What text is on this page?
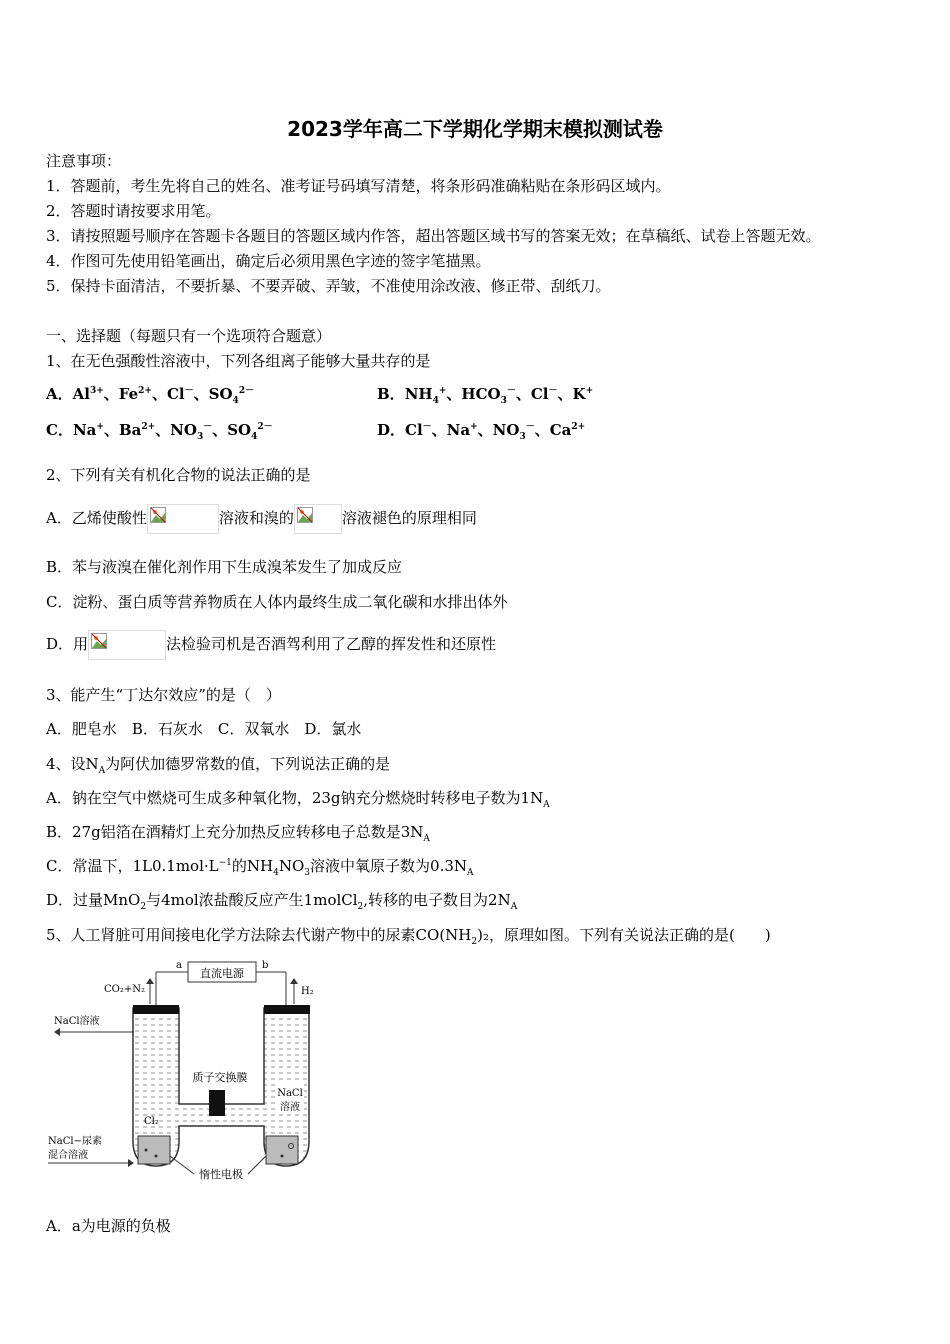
2023学年高二下学期化学期末模拟测试卷
注意事项：
1．答题前，考生先将自己的姓名、准考证号码填写清楚，将条形码准确粘贴在条形码区域内。
2．答题时请按要求用笔。
3．请按照题号顺序在答题卡各题目的答题区域内作答，超出答题区域书写的答案无效；在草稿纸、试卷上答题无效。
4．作图可先使用铅笔画出，确定后必须用黑色字迹的签字笔描黑。
5．保持卡面清洁，不要折暴、不要弄破、弄皱，不准使用涂改液、修正带、刮纸刀。
一、选择题（每题只有一个选项符合题意）
1、在无色强酸性溶液中，下列各组离子能够大量共存的是
A．$Al^{3+}$、$Fe^{2+}$、Cl－、$SO_4^{2-}$	B．$NH_4^+$、$HCO_3^-$、Cl－、K+
C．Na+、$Ba^{2+}$、$NO_3^-$、$SO_4^{2-}$	D．Cl－、Na+、$NO_3^-$、$Ca^{2+}$
2、下列有关有机化合物的说法正确的是
A．乙烯使酸性	溶液和溴的	溶液褪色的原理相同
B．苯与液溴在催化剂作用下生成溴苯发生了加成反应
C．淀粉、蛋白质等营养物质在人体内最终生成二氧化碳和水排出体外
D．用	法检验司机是否酒驾利用了乙醇的挥发性和还原性
3、能产生“丁达尔效应”的是（　）
A．肥皂水　B．石灰水　C．双氧水　D．氯水
4、设$N_A$为阿伏加德罗常数的值，下列说法正确的是
A．钠在空气中燃烧可生成多种氧化物，23g钠充分燃烧时转移电子数为$1N_A$
B．27g铝箔在酒精灯上充分加热反应转移电子总数是$3N_A$
C．常温下，$1L0.1mol\cdot L^{-1}$的$NH_4NO_3$溶液中氧原子数为$0.3N_A$
D．过量MnO$_2$与4mol浓盐酸反应产生1molCl$_2$,转移的电子数目为$2N_A$
5、人工肾脏可用间接电化学方法除去代谢产物中的尿素$CO(NH_2)_2$，原理如图。下列有关说法正确的是(　　)
直流电源
a	b
CO₂+N₂	H₂
NaCl溶液
质子交换膜
NaCl
溶液
Cl₂
NaCl−尿素
混合溶液
惰性电极
A．a为电源的负极
